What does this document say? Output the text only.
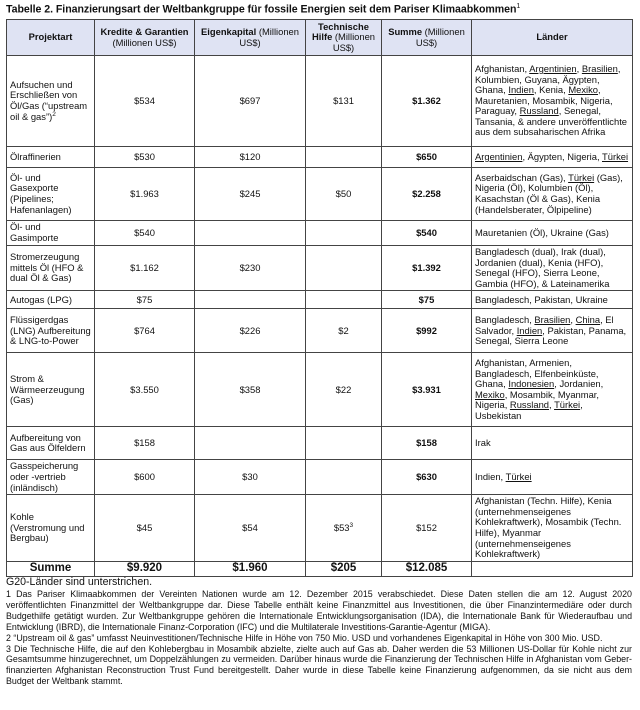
Tabelle 2. Finanzierungsart der Weltbankgruppe für fossile Energien seit dem Pariser Klimaabkommen$^1$
Projektart	Kredite & Garantien (Millionen US$)	Eigenkapital (Millionen US$)	Technische Hilfe (Millionen US$)	Summe (Millionen US$)	Länder
Aufsuchen und Erschließen von Öl/Gas (“upstream oil & gas”)$^2$	$534	$697	$131	$1.362	Afghanistan, Argentinien, Brasilien, Kolumbien, Guyana, Ägypten, Ghana, Indien, Kenia, Mexiko, Mauretanien, Mosambik, Nigeria, Paraguay, Russland, Senegal, Tansania, & andere unveröffentlichte aus dem subsaharischen Afrika
Ölraffinerien	$530	$120		$650	Argentinien, Ägypten, Nigeria, Türkei
Öl- und Gasexporte (Pipelines; Hafenanlagen)	$1.963	$245	$50	$2.258	Aserbaidschan (Gas), Türkei (Gas), Nigeria (Öl), Kolumbien (Öl), Kasachstan (Öl & Gas), Kenia (Handelsberater, Ölpipeline)
Öl- und Gasimporte	$540			$540	Mauretanien (Öl), Ukraine (Gas)
Stromerzeugung mittels Öl (HFO & dual Öl & Gas)	$1.162	$230		$1.392	Bangladesch (dual), Irak (dual), Jordanien (dual), Kenia (HFO), Senegal (HFO), Sierra Leone, Gambia (HFO), & Lateinamerika
Autogas (LPG)	$75			$75	Bangladesch, Pakistan, Ukraine
Flüssigerdgas (LNG) Aufbereitung & LNG-to-Power	$764	$226	$2	$992	Bangladesch, Brasilien, China, El Salvador, Indien, Pakistan, Panama, Senegal, Sierra Leone
Strom & Wärmeerzeugung (Gas)	$3.550	$358	$22	$3.931	Afghanistan, Armenien, Bangladesch, Elfenbeinküste, Ghana, Indonesien, Jordanien, Mexiko, Mosambik, Myanmar, Nigeria, Russland, Türkei, Usbekistan
Aufbereitung von Gas aus Ölfeldern	$158			$158	Irak
Gasspeicherung oder -vertrieb (inländisch)	$600	$30		$630	Indien, Türkei
Kohle (Verstromung und Bergbau)	$45	$54	$53$^3$	$152	Afghanistan (Techn. Hilfe), Kenia (unternehmenseigenes Kohlekraftwerk), Mosambik (Techn. Hilfe), Myanmar (unternehmenseigenes Kohlekraftwerk)
Summe	$9.920	$1.960	$205	$12.085	

G20-Länder sind unterstrichen.

1 Das Pariser Klimaabkommen der Vereinten Nationen wurde am 12. Dezember 2015 verabschiedet. Diese Daten stellen die am 12. August 2020 veröffentlichten Finanzmittel der Weltbankgruppe dar. Diese Tabelle enthält keine Finanzmittel aus Investitionen, die über Finanzintermediäre oder durch Budgethilfe getätigt wurden. Zur Weltbankgruppe gehören die Internationale Entwicklungsorganisation (IDA), die Internationale Bank für Wiederaufbau und Entwicklung (IBRD), die Internationale Finanz-Corporation (IFC) und die Multilaterale Investitions-Garantie-Agentur (MIGA).

2 “Upstream oil & gas” umfasst Neuinvestitionen/Technische Hilfe in Höhe von 750 Mio. USD und vorhandenes Eigenkapital in Höhe von 300 Mio. USD.

3 Die Technische Hilfe, die auf den Kohlebergbau in Mosambik abzielte, zielte auch auf Gas ab. Daher werden die 53 Millionen US-Dollar für Kohle nicht zur Gesamtsumme hinzugerechnet, um Doppelzählungen zu vermeiden. Darüber hinaus wurde die Finanzierung der Technischen Hilfe in Afghanistan vom Geber-finanzierten Afghanistan Reconstruction Trust Fund bereitgestellt. Daher wurde in diese Tabelle keine Finanzierung aufgenommen, da sie nicht aus dem Budget der Weltbank stammt.
